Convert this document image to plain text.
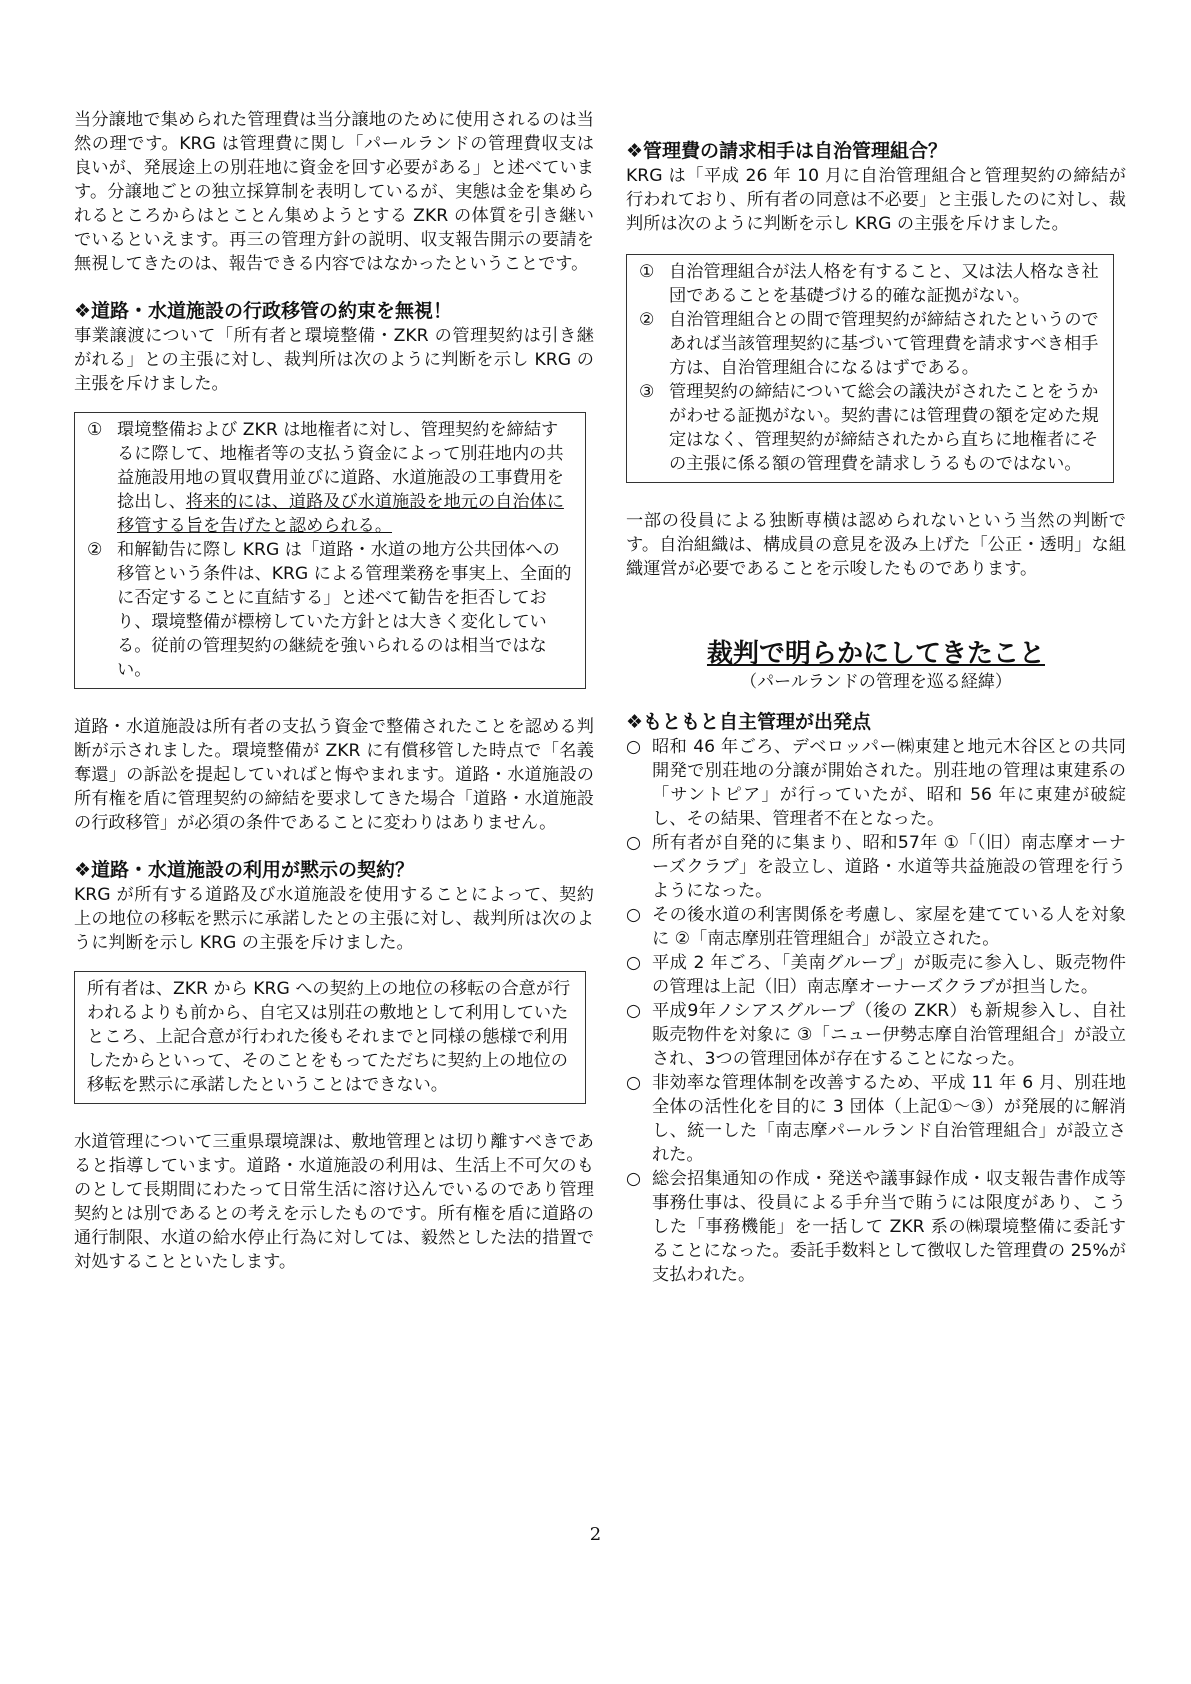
当分譲地で集められた管理費は当分譲地のために使用されるのは当然の理です。KRG は管理費に関し「パールランドの管理費収支は良いが、発展途上の別荘地に資金を回す必要がある」と述べています。分譲地ごとの独立採算制を表明しているが、実態は金を集められるところからはとことん集めようとする ZKR の体質を引き継いでいるといえます。再三の管理方針の説明、収支報告開示の要請を無視してきたのは、報告できる内容ではなかったということです。

❖道路・水道施設の行政移管の約束を無視！

事業譲渡について「所有者と環境整備・ZKR の管理契約は引き継がれる」との主張に対し、裁判所は次のように判断を示し KRG の主張を斥けました。

① 環境整備および ZKR は地権者に対し、管理契約を締結するに際して、地権者等の支払う資金によって別荘地内の共益施設用地の買収費用並びに道路、水道施設の工事費用を捻出し、将来的には、道路及び水道施設を地元の自治体に移管する旨を告げたと認められる。
② 和解勧告に際し KRG は「道路・水道の地方公共団体への移管という条件は、KRG による管理業務を事実上、全面的に否定することに直結する」と述べて勧告を拒否しており、環境整備が標榜していた方針とは大きく変化している。従前の管理契約の継続を強いられるのは相当ではない。

道路・水道施設は所有者の支払う資金で整備されたことを認める判断が示されました。環境整備が ZKR に有償移管した時点で「名義奪還」の訴訟を提起していればと悔やまれます。道路・水道施設の所有権を盾に管理契約の締結を要求してきた場合「道路・水道施設の行政移管」が必須の条件であることに変わりはありません。

❖道路・水道施設の利用が黙示の契約？

KRG が所有する道路及び水道施設を使用することによって、契約上の地位の移転を黙示に承諾したとの主張に対し、裁判所は次のように判断を示し KRG の主張を斥けました。

所有者は、ZKR から KRG への契約上の地位の移転の合意が行われるよりも前から、自宅又は別荘の敷地として利用していたところ、上記合意が行われた後もそれまでと同様の態様で利用したからといって、そのことをもってただちに契約上の地位の移転を黙示に承諾したということはできない。

水道管理について三重県環境課は、敷地管理とは切り離すべきであると指導しています。道路・水道施設の利用は、生活上不可欠のものとして長期間にわたって日常生活に溶け込んでいるのであり管理契約とは別であるとの考えを示したものです。所有権を盾に道路の通行制限、水道の給水停止行為に対しては、毅然とした法的措置で対処することといたします。

❖管理費の請求相手は自治管理組合？

KRG は「平成 26 年 10 月に自治管理組合と管理契約の締結が行われており、所有者の同意は不必要」と主張したのに対し、裁判所は次のように判断を示し KRG の主張を斥けました。

① 自治管理組合が法人格を有すること、又は法人格なき社団であることを基礎づける的確な証拠がない。
② 自治管理組合との間で管理契約が締結されたというのであれば当該管理契約に基づいて管理費を請求すべき相手方は、自治管理組合になるはずである。
③ 管理契約の締結について総会の議決がされたことをうかがわせる証拠がない。契約書には管理費の額を定めた規定はなく、管理契約が締結されたから直ちに地権者にその主張に係る額の管理費を請求しうるものではない。

一部の役員による独断専横は認められないという当然の判断です。自治組織は、構成員の意見を汲み上げた「公正・透明」な組織運営が必要であることを示唆したものであります。

裁判で明らかにしてきたこと

（パールランドの管理を巡る経緯）

❖もともと自主管理が出発点

○ 昭和 46 年ごろ、デベロッパー㈱東建と地元木谷区との共同開発で別荘地の分譲が開始された。別荘地の管理は東建系の「サントピア」が行っていたが、昭和 56 年に東建が破綻し、その結果、管理者不在となった。
○ 所有者が自発的に集まり、昭和57年 ①「（旧）南志摩オーナーズクラブ」を設立し、道路・水道等共益施設の管理を行うようになった。
○ その後水道の利害関係を考慮し、家屋を建てている人を対象に ②「南志摩別荘管理組合」が設立された。
○ 平成 2 年ごろ、「美南グループ」が販売に参入し、販売物件の管理は上記（旧）南志摩オーナーズクラブが担当した。
○ 平成9年ノシアスグループ（後の ZKR）も新規参入し、自社販売物件を対象に ③「ニュー伊勢志摩自治管理組合」が設立され、3つの管理団体が存在することになった。
○ 非効率な管理体制を改善するため、平成 11 年 6 月、別荘地全体の活性化を目的に 3 団体（上記①～③）が発展的に解消し、統一した「南志摩パールランド自治管理組合」が設立された。
○ 総会招集通知の作成・発送や議事録作成・収支報告書作成等事務仕事は、役員による手弁当で賄うには限度があり、こうした「事務機能」を一括して ZKR 系の㈱環境整備に委託することになった。委託手数料として徴収した管理費の 25%が支払われた。
2
